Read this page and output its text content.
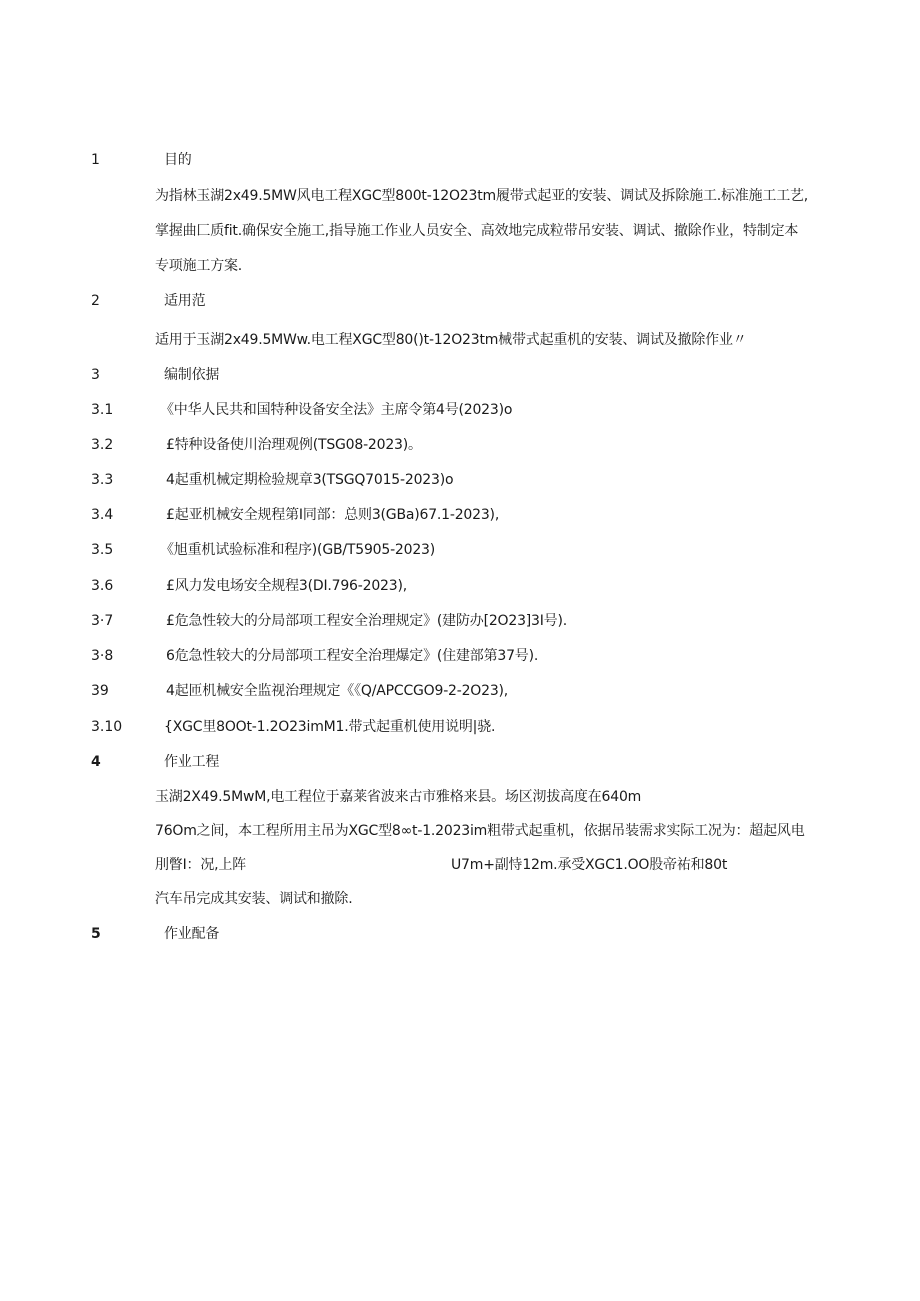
1	目的
为指林玉湖2x49.5MW风电工程XGC型800t-12O23tm履带式起亚的安装、调试及拆除施工.标准施工工艺,
掌握曲匚质fit.确保安全施工,指导施工作业人员安全、高效地完成粒带吊安装、调试、撤除作业，特制定本
专项施工方案.
2	适用范
适用于玉湖2x49.5MWw.电工程XGC型80()t-12O23tm械带式起重机的安装、调试及撤除作业〃
3	编制依据
3.1	《中华人民共和国特种设备安全法》主席令第4号(2023)o
3.2	£特种设备使川治理观例(TSG08-2023)。
3.3	4起重机械定期检验规章3(TSGQ7015-2023)o
3.4	£起亚机械安全规程第I同部：总则3(GBa)67.1-2023),
3.5	《旭重机试验标准和程序)(GB/T5905-2023)
3.6	£风力发电场安全规程3(DI.796-2023),
3·7	£危急性较大的分局部项工程安全治理规定》(建防办[2O23]3I号).
3·8	6危急性较大的分局部项工程安全治理爆定》(住建部第37号).
39	4起匝机械安全监视治理规定《《Q/APCCGO9-2-2O23),
3.10	{XGC里8OOt-1.2O23imM1.带式起重机使用说明|骁.
4	作业工程
玉湖2X49.5MwM,电工程位于嘉莱省波来古市雅格来县。场区沏拔高度在640m
76Om之间，本工程所用主吊为XGC型8∞t-1.2023im粗带式起重机，依据吊装需求实际工况为：超起风电
刖瞥I：况,上阵	U7m+副恃12m.承受XGC1.OO股帝祐和80t
汽车吊完成其安装、调试和撤除.
5	作业配备
